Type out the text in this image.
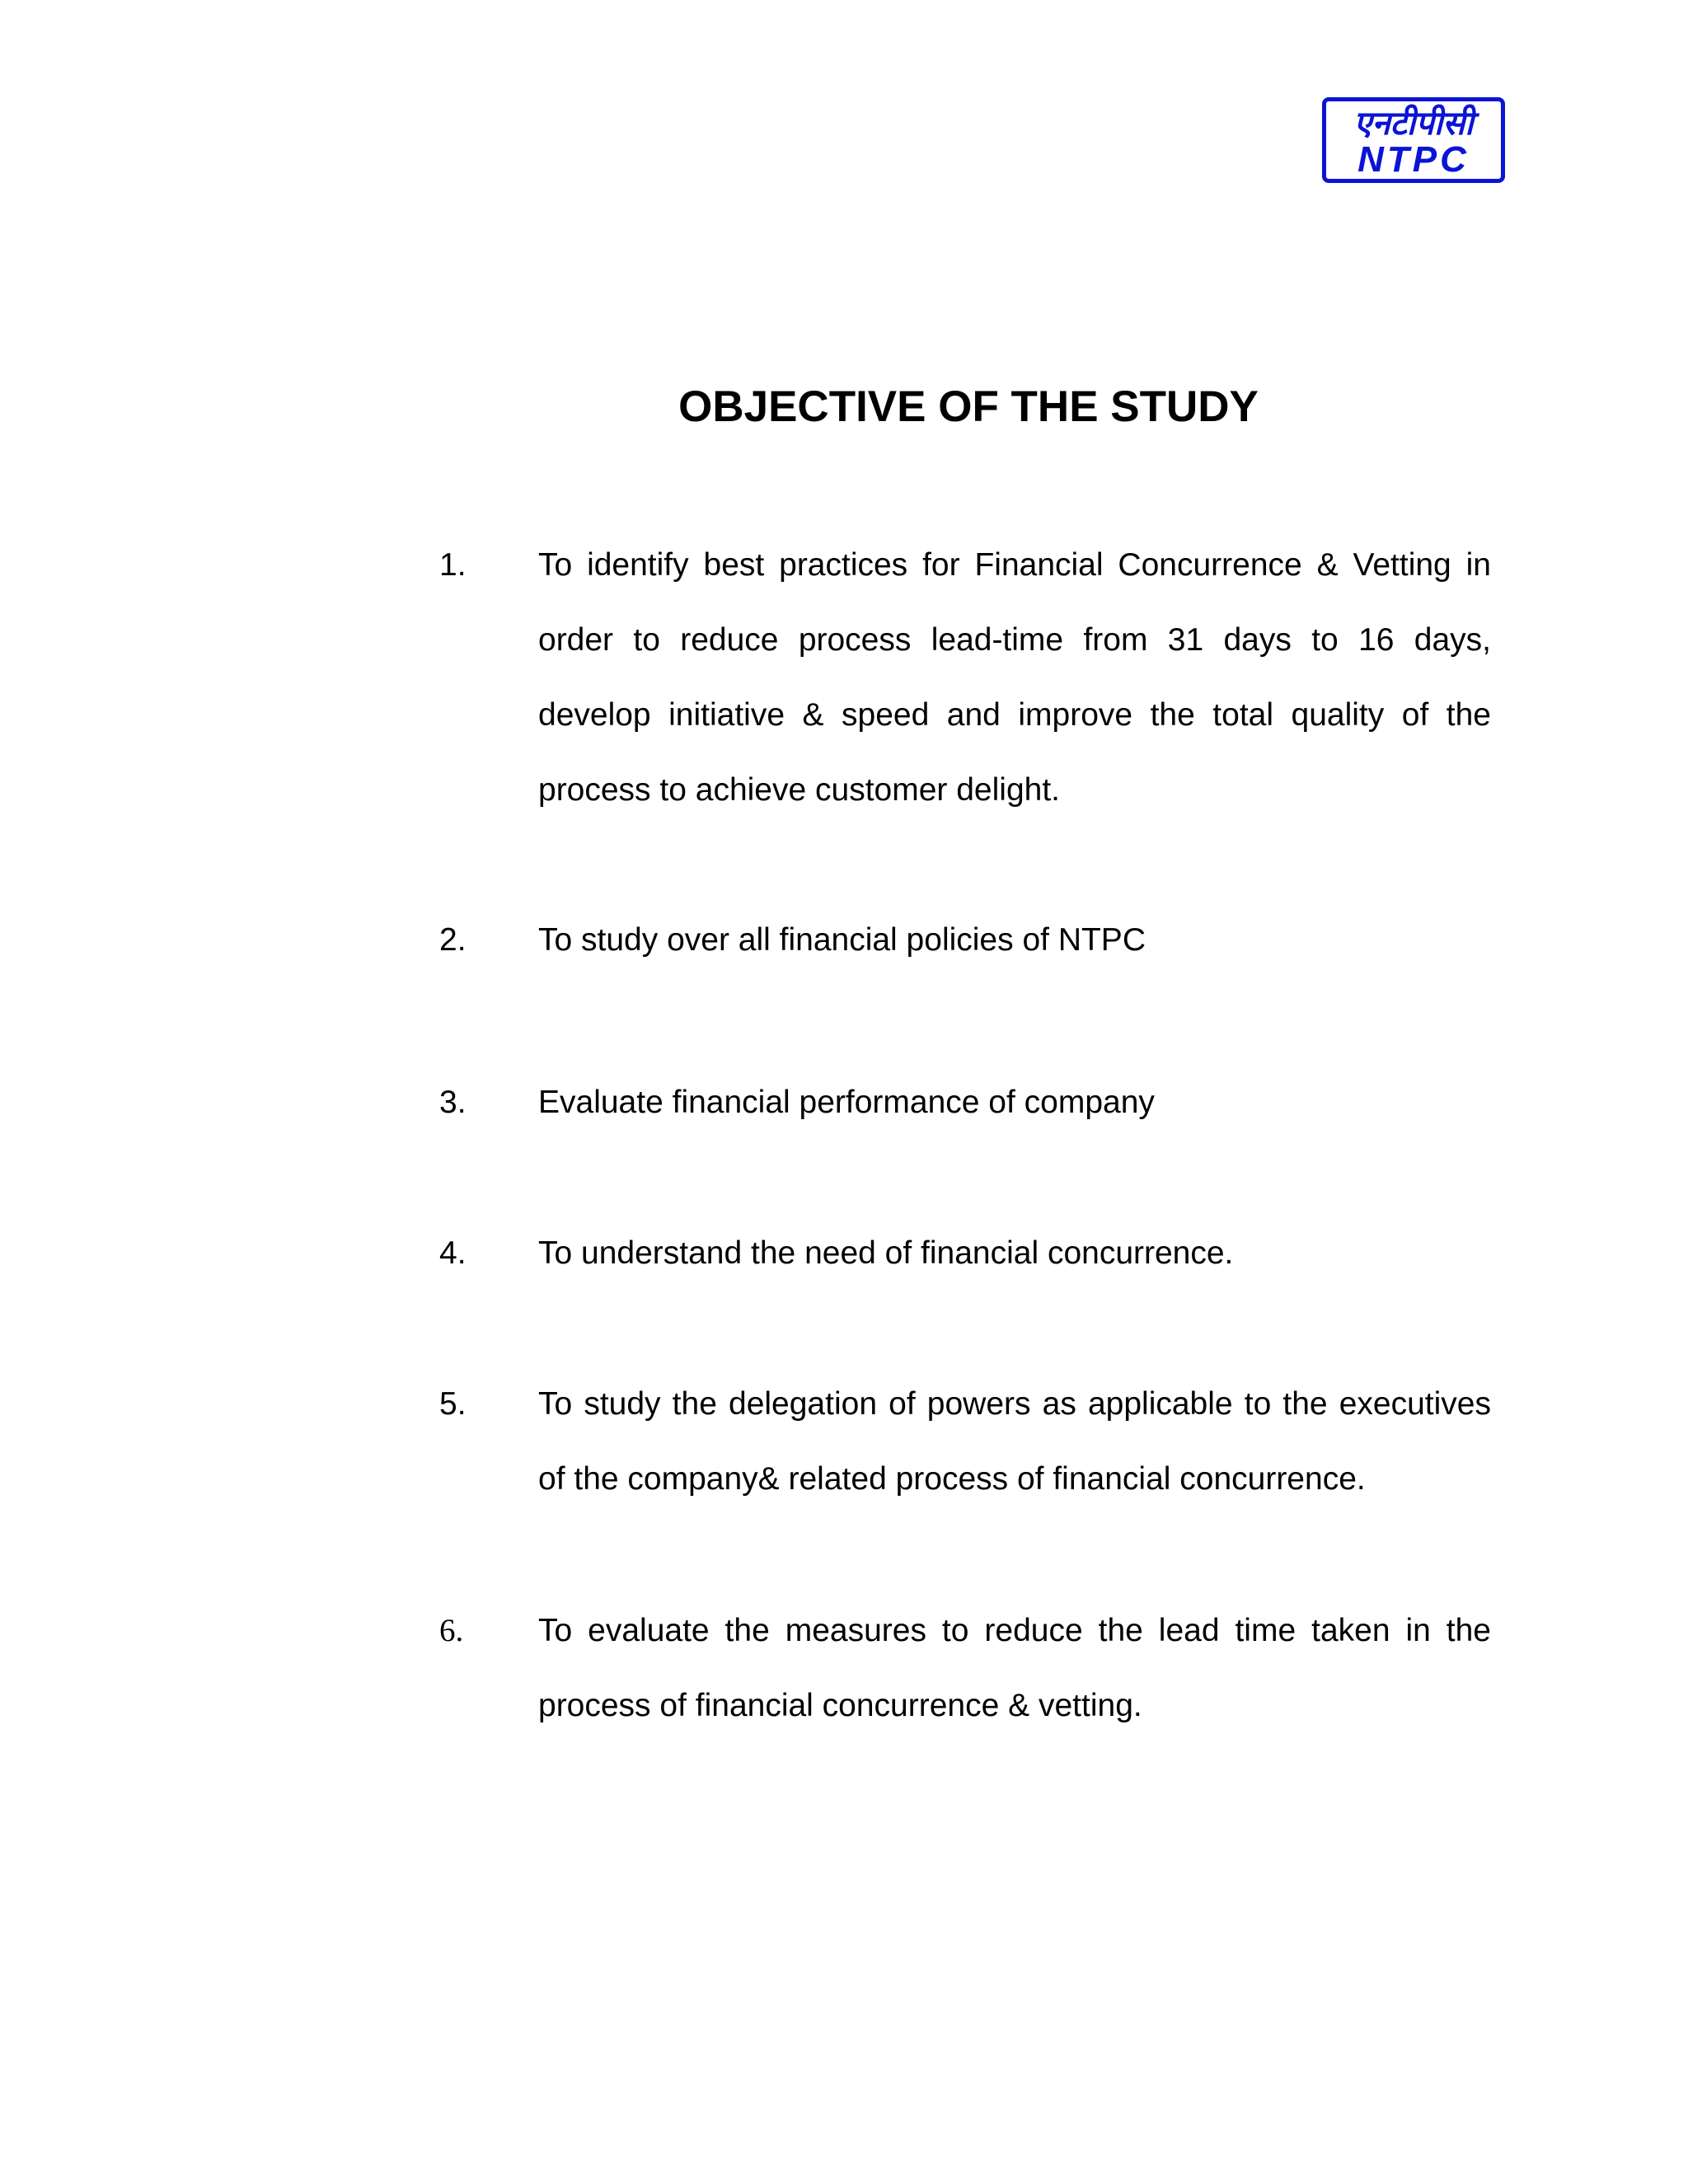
एनटीपीसी
NTPC
OBJECTIVE OF THE STUDY
1.	To identify best practices for Financial Concurrence & Vetting in order to reduce process lead-time from 31 days to 16 days, develop initiative & speed and improve the total quality of the process to achieve customer delight.

2.	To study over all financial policies of NTPC

3.	Evaluate financial performance of company

4.	To understand the need of financial concurrence.

5.	To study the delegation of powers as applicable to the executives of the company& related process of financial concurrence.

6.	To evaluate the measures to reduce the lead time taken in the process of financial concurrence & vetting.
